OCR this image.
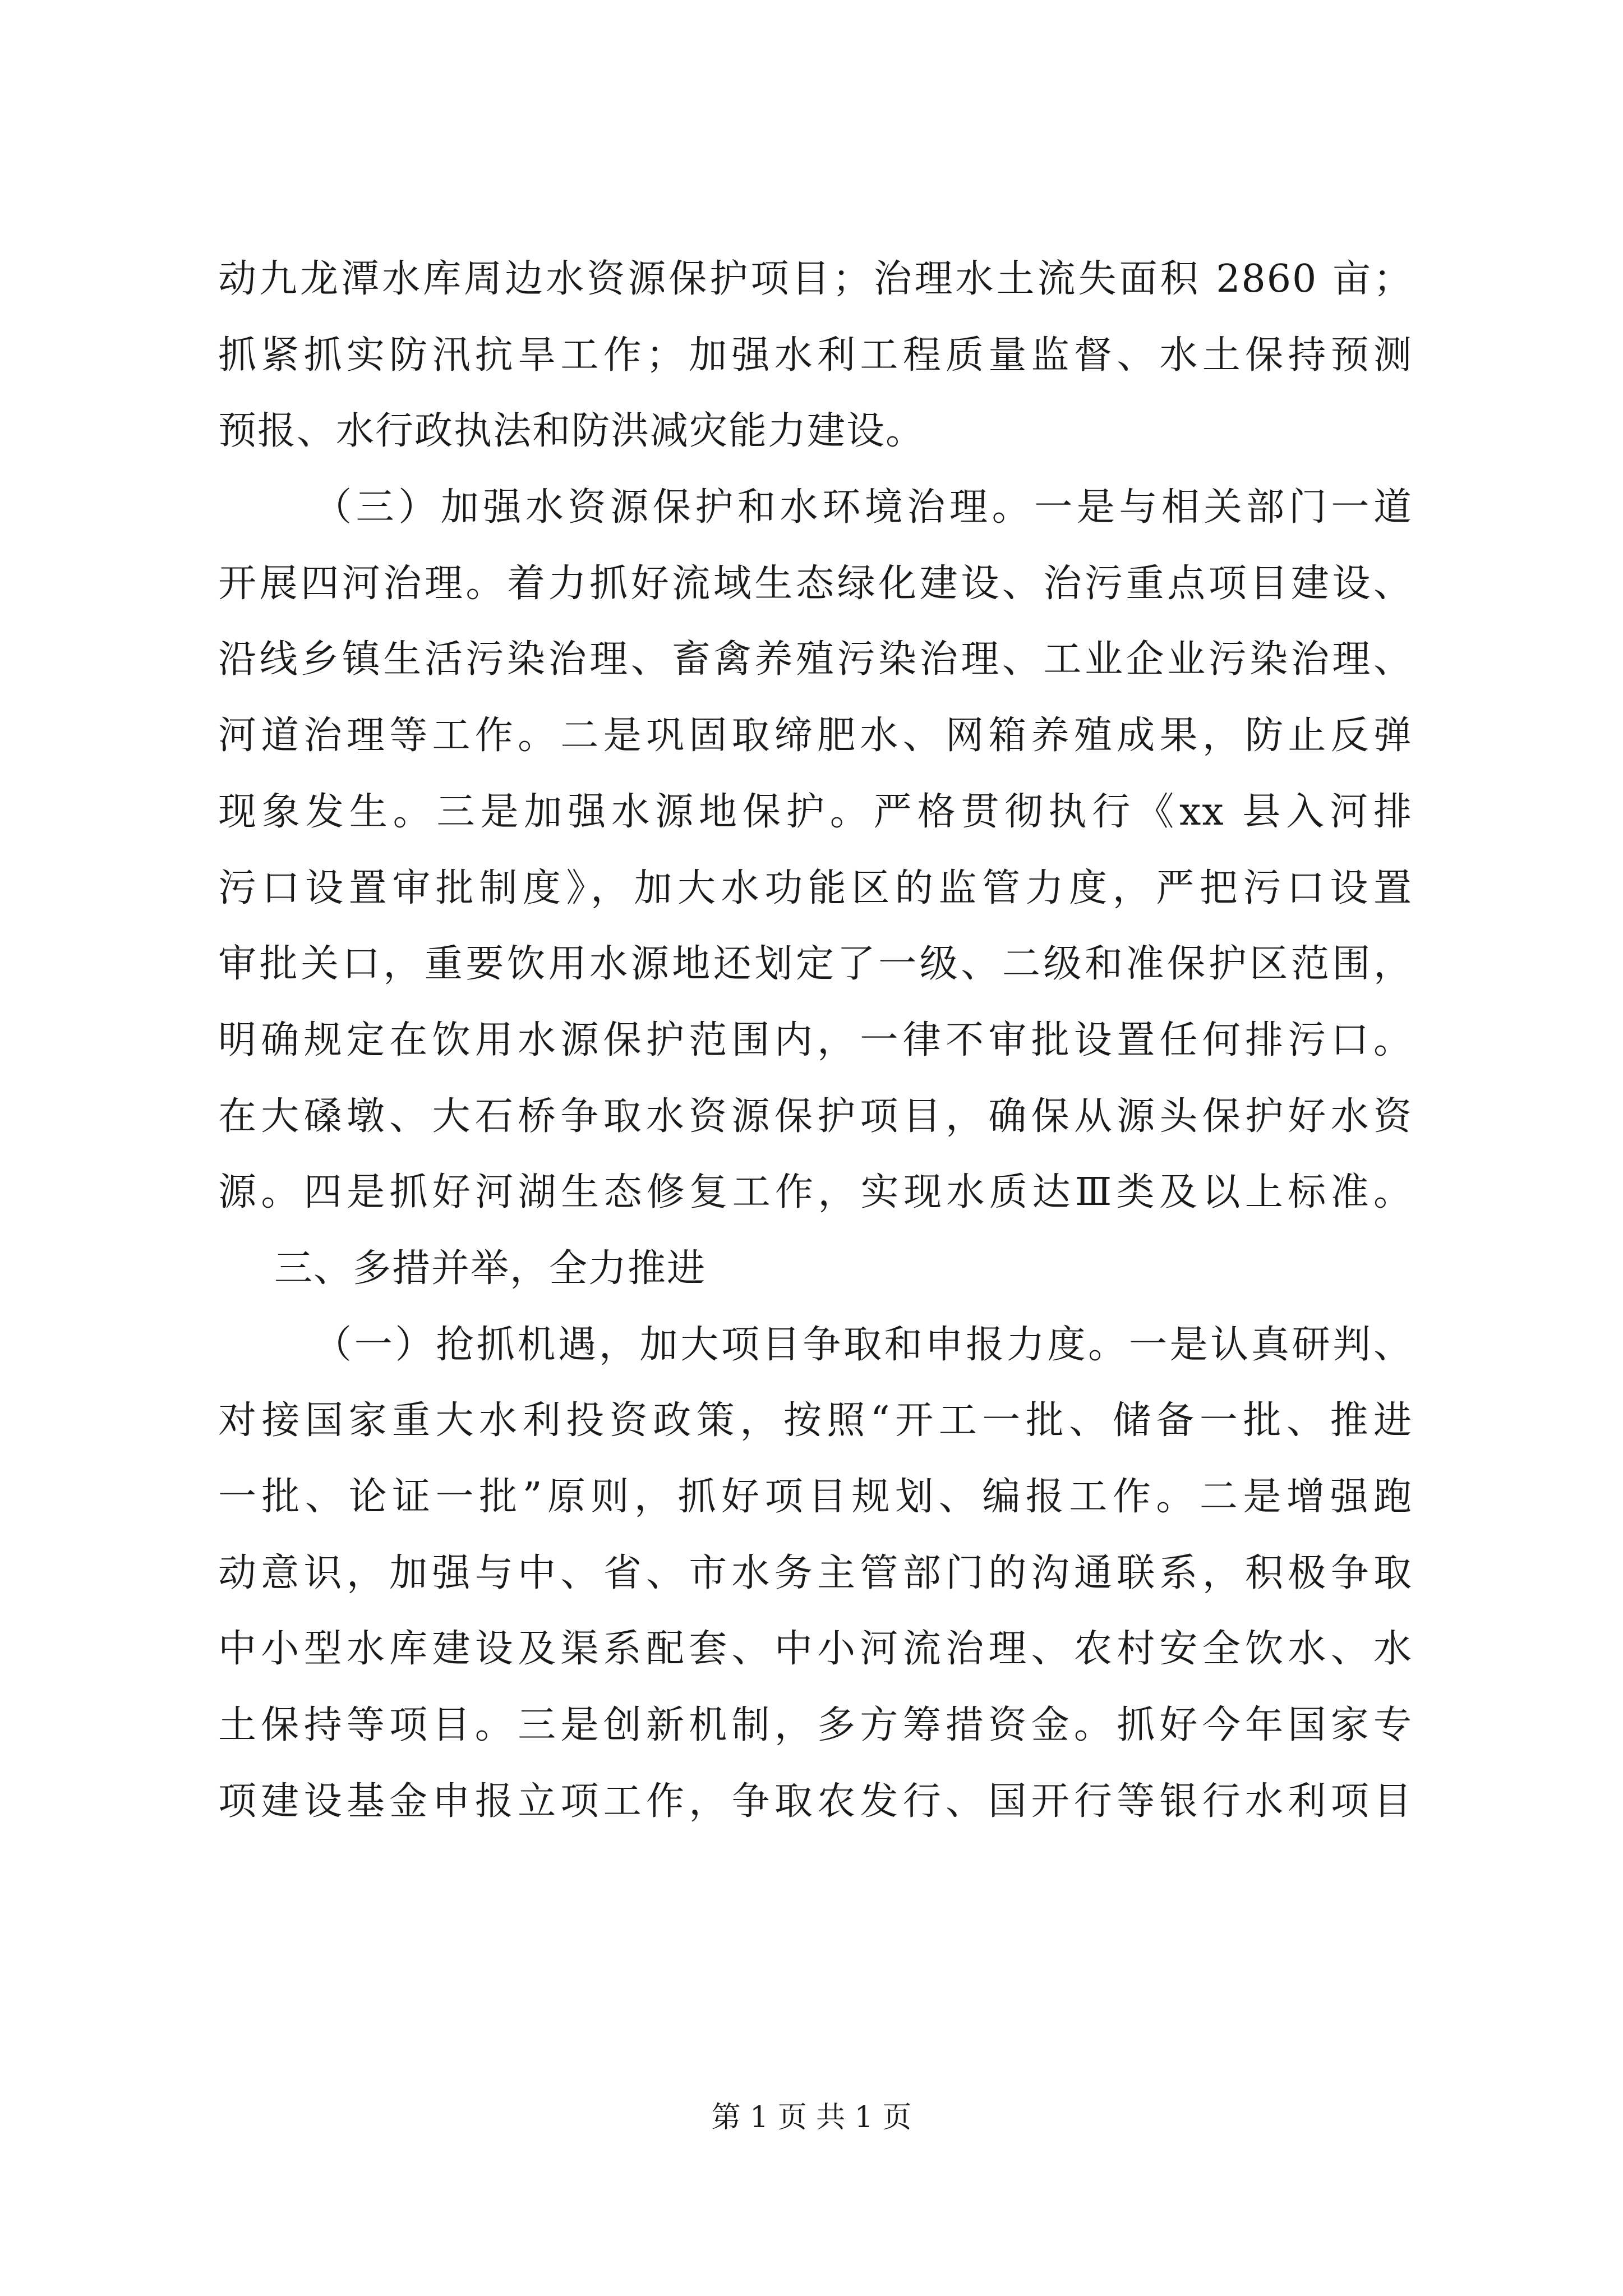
动九龙潭水库周边水资源保护项目；治理水土流失面积 2860 亩；
抓紧抓实防汛抗旱工作；加强水利工程质量监督、水土保持预测
预报、水行政执法和防洪减灾能力建设。
（三）加强水资源保护和水环境治理。一是与相关部门一道
开展四河治理。着力抓好流域生态绿化建设、治污重点项目建设、
沿线乡镇生活污染治理、畜禽养殖污染治理、工业企业污染治理、
河道治理等工作。二是巩固取缔肥水、网箱养殖成果，防止反弹
现象发生。三是加强水源地保护。严格贯彻执行《xx 县入河排
污口设置审批制度》，加大水功能区的监管力度，严把污口设置
审批关口，重要饮用水源地还划定了一级、二级和准保护区范围，
明确规定在饮用水源保护范围内，一律不审批设置任何排污口。
在大磉墩、大石桥争取水资源保护项目，确保从源头保护好水资
源。四是抓好河湖生态修复工作，实现水质达Ⅲ类及以上标准。
三、多措并举，全力推进
（一）抢抓机遇，加大项目争取和申报力度。一是认真研判、
对接国家重大水利投资政策，按照“开工一批、储备一批、推进
一批、论证一批”原则，抓好项目规划、编报工作。二是增强跑
动意识，加强与中、省、市水务主管部门的沟通联系，积极争取
中小型水库建设及渠系配套、中小河流治理、农村安全饮水、水
土保持等项目。三是创新机制，多方筹措资金。抓好今年国家专
项建设基金申报立项工作，争取农发行、国开行等银行水利项目
第 1 页 共 1 页
